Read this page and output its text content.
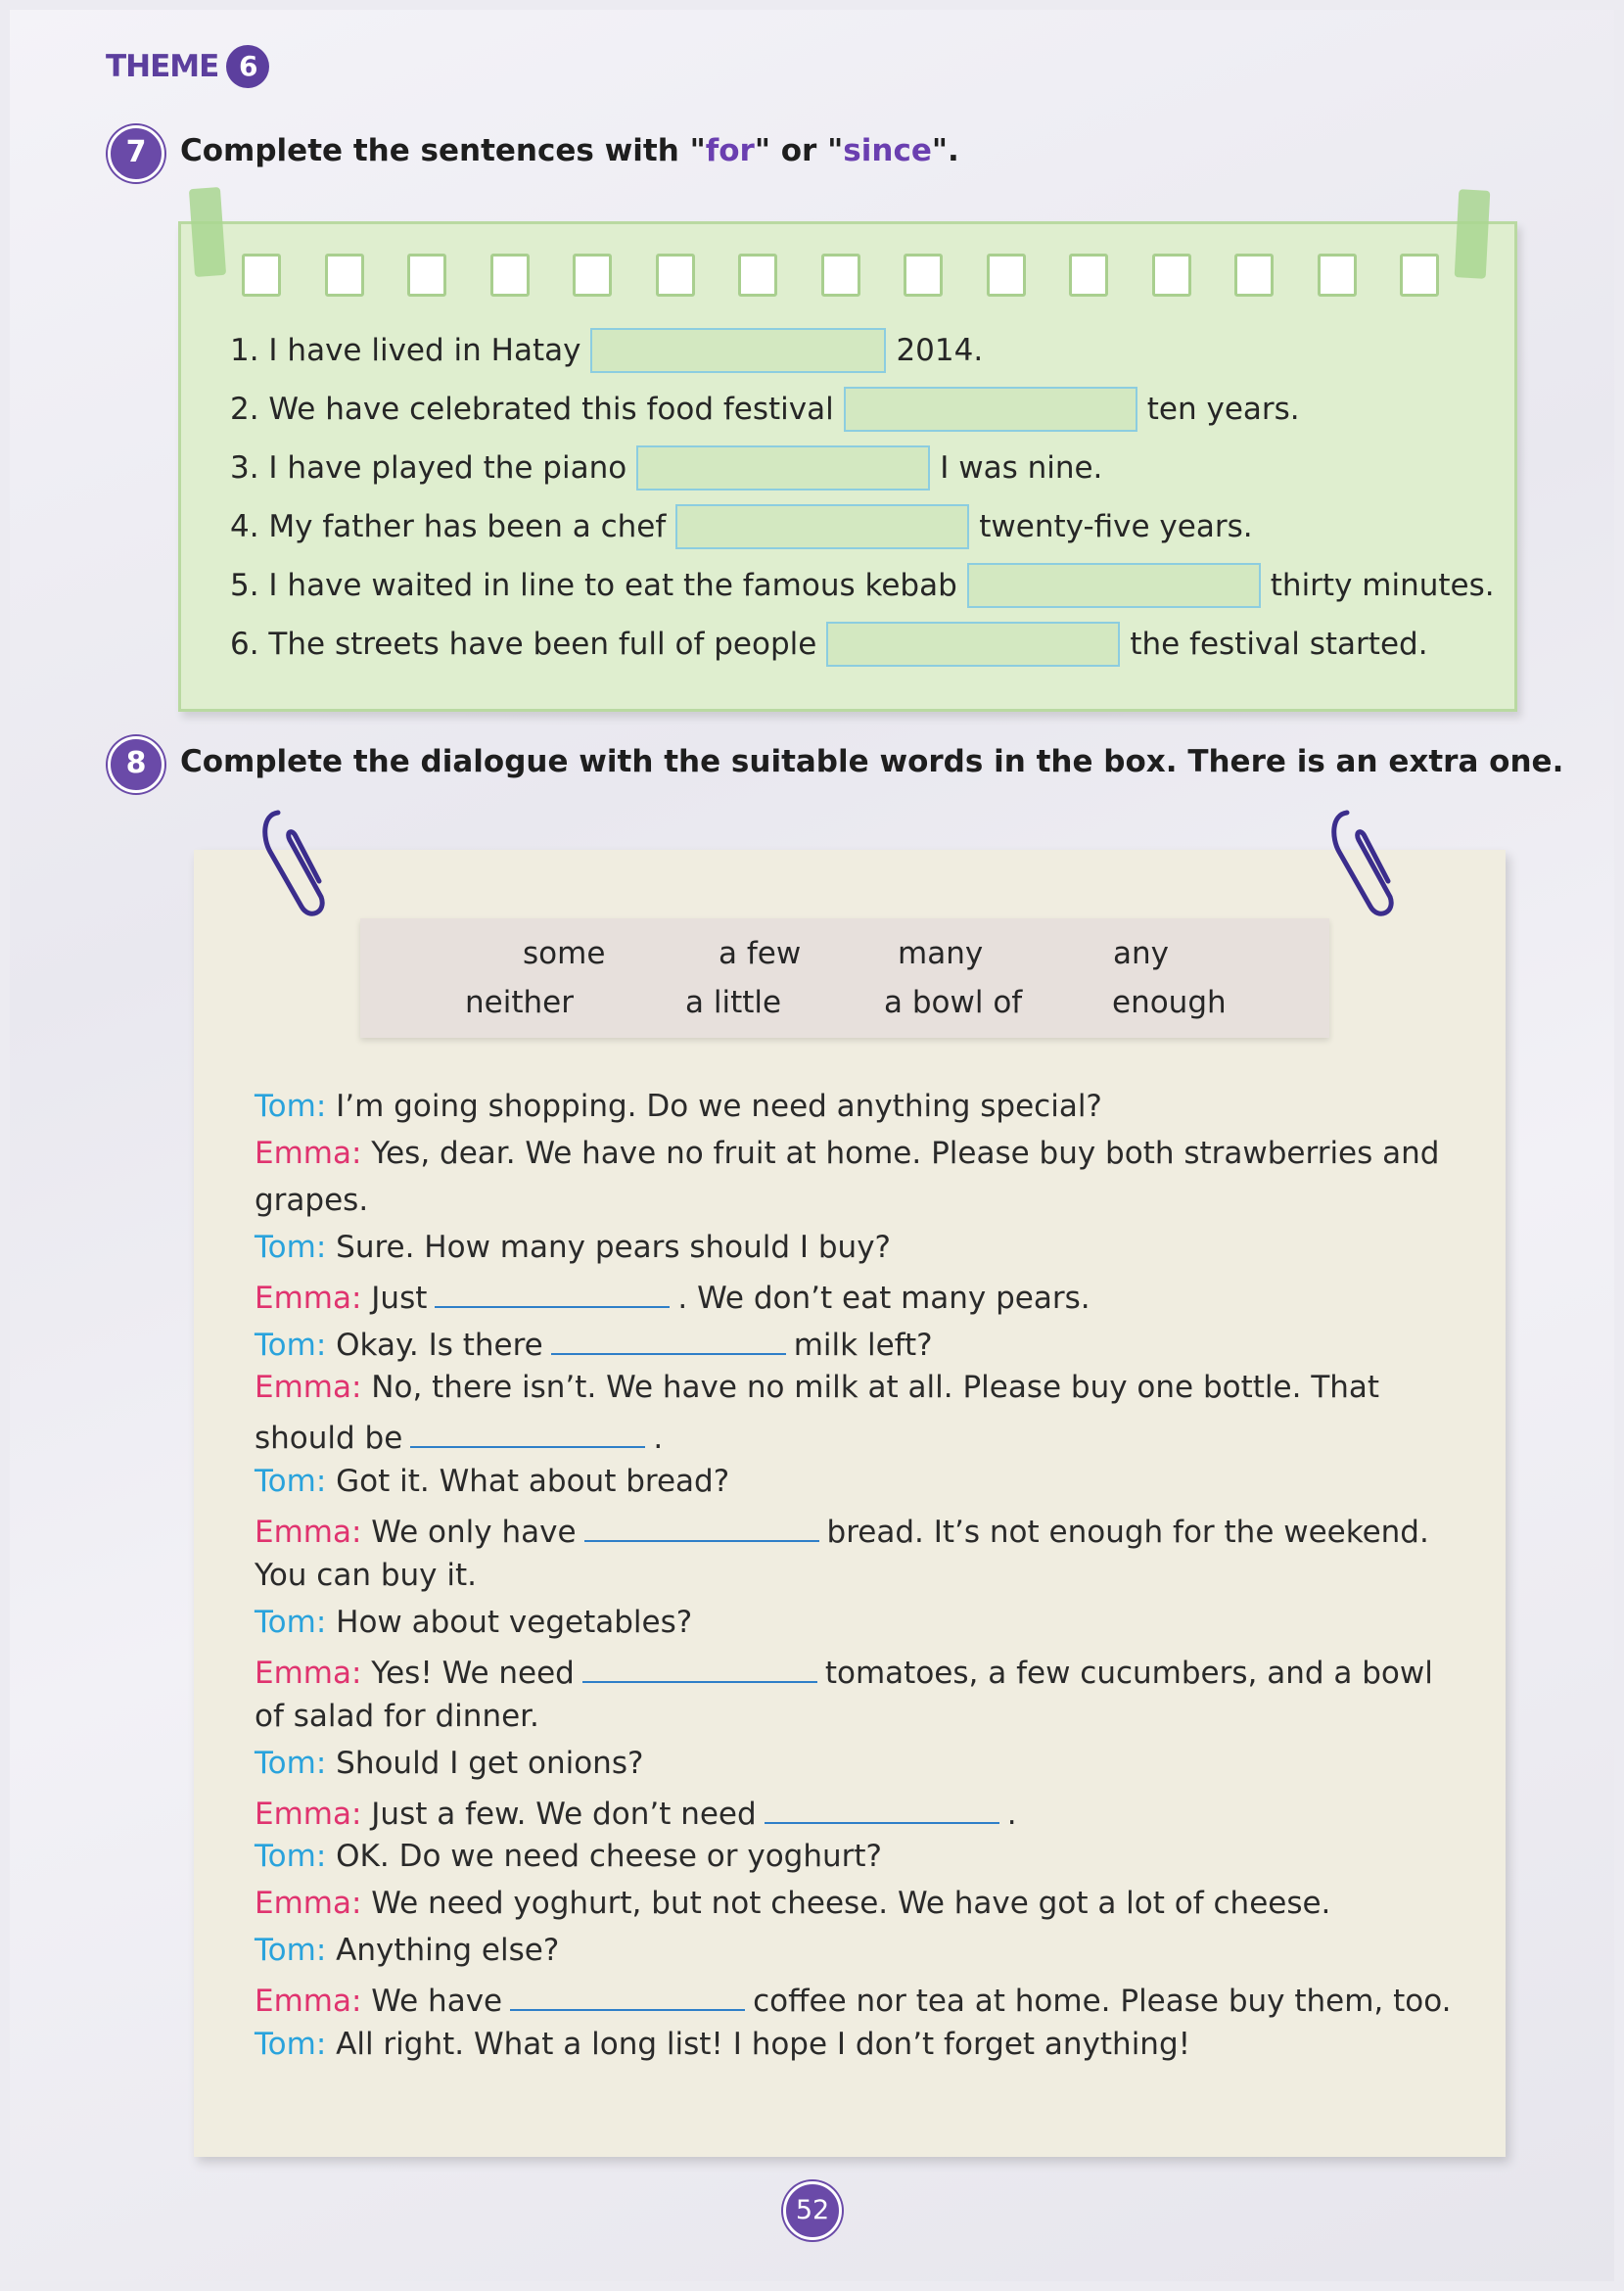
THEME 6
7	Complete the sentences with "for" or "since".
1. I have lived in Hatay	2014.
2. We have celebrated this food festival	ten years.
3. I have played the piano	I was nine.
4. My father has been a chef	twenty-five years.
5. I have waited in line to eat the famous kebab	thirty minutes.
6. The streets have been full of people	the festival started.
8	Complete the dialogue with the suitable words in the box. There is an extra one.
some	a few	many	any
neither	a little	a bowl of	enough
Tom: I’m going shopping. Do we need anything special?
Emma: Yes, dear. We have no fruit at home. Please buy both strawberries and
grapes.
Tom: Sure. How many pears should I buy?
Emma: Just	. We don’t eat many pears.
Tom: Okay. Is there	milk left?
Emma: No, there isn’t. We have no milk at all. Please buy one bottle. That
should be	.
Tom: Got it. What about bread?
Emma: We only have	bread. It’s not enough for the weekend.
You can buy it.
Tom: How about vegetables?
Emma: Yes! We need	tomatoes, a few cucumbers, and a bowl
of salad for dinner.
Tom: Should I get onions?
Emma: Just a few. We don’t need	.
Tom: OK. Do we need cheese or yoghurt?
Emma: We need yoghurt, but not cheese. We have got a lot of cheese.
Tom: Anything else?
Emma: We have	coffee nor tea at home. Please buy them, too.
Tom: All right. What a long list! I hope I don’t forget anything!
52
